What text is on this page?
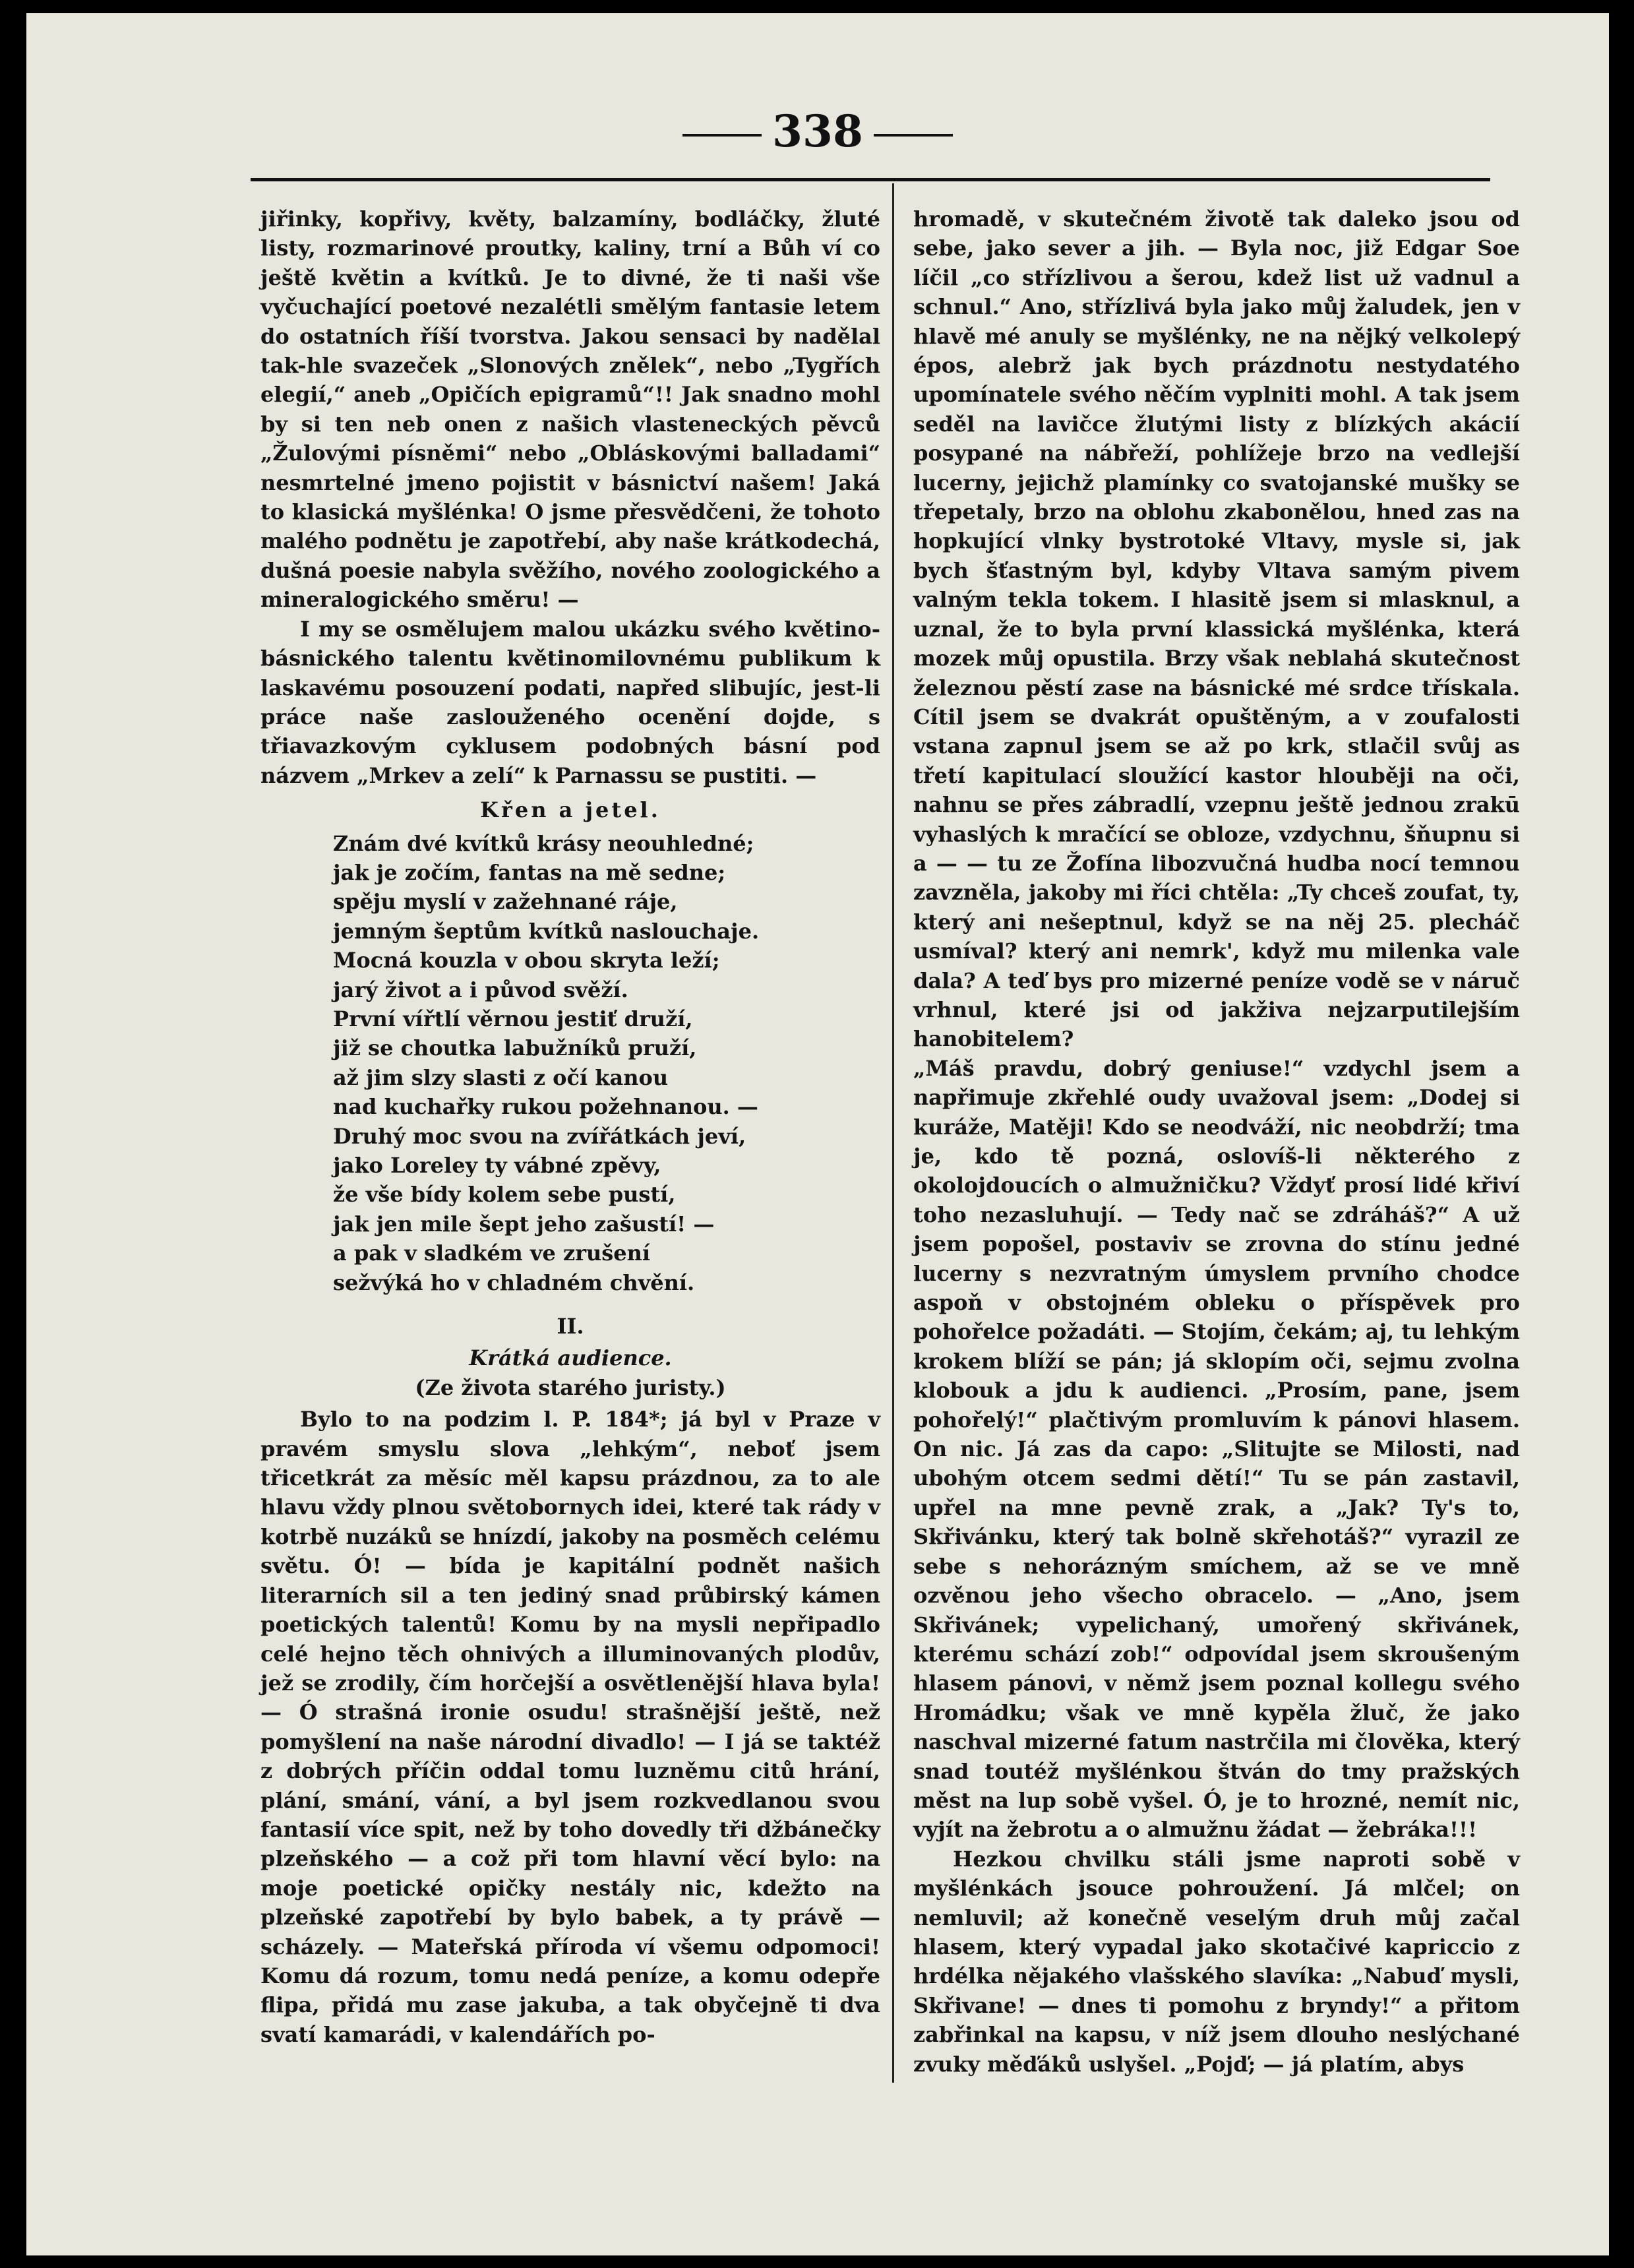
338

jiřinky, kopřivy, květy, balzamíny, bodláčky, žluté listy, rozmarinové proutky, kaliny, trní a Bůh ví co ještě květin a kvítků. Je to divné, že ti naši vše vyčuchající poetové nezalétli smělým fantasie letem do ostatních říší tvorstva. Jakou sensaci by nadělal tak-hle svazeček „Slonových znělek“, nebo „Tygřích elegií,“ aneb „Opičích epigramů“!! Jak snadno mohl by si ten neb onen z našich vlasteneckých pěvců „Žulovými písněmi“ nebo „Obláskovými balladami“ nesmrtelné jmeno pojistit v básnictví našem! Jaká to klasická myšlénka! O jsme přesvědčeni, že tohoto malého podnětu je zapotřebí, aby naše krátkodechá, dušná poesie nabyla svěžího, nového zoologického a mineralogického směru! —

I my se osmělujem malou ukázku svého květino-básnického talentu květinomilovnému publikum k laskavému posouzení podati, napřed slibujíc, jest-li práce naše zaslouženého ocenění dojde, s třiavazkovým cyklusem podobných básní pod názvem „Mrkev a zelí“ k Parnassu se pustiti. —

Křen a jetel.
Znám dvé kvítků krásy neouhledné;
jak je zočím, fantas na mě sedne;
spěju myslí v zažehnané ráje,
jemným šeptům kvítků naslouchaje.
Mocná kouzla v obou skryta leží;
jarý život a i původ svěží.
První vířtlí věrnou jestiť druží,
již se choutka labužníků pruží,
až jim slzy slasti z očí kanou
nad kuchařky rukou požehnanou. —
Druhý moc svou na zvířátkách jeví,
jako Loreley ty vábné zpěvy,
že vše bídy kolem sebe pustí,
jak jen mile šept jeho zašustí! —
a pak v sladkém ve zrušení
sežvýká ho v chladném chvění.
II.
Krátká audience.
(Ze života starého juristy.)

Bylo to na podzim l. P. 184*; já byl v Praze v pravém smyslu slova „lehkým“, neboť jsem třicetkrát za měsíc měl kapsu prázdnou, za to ale hlavu vždy plnou světobornych idei, které tak rády v kotrbě nuzáků se hnízdí, jakoby na posměch celému světu. Ó! — bída je kapitální podnět našich literarních sil a ten jediný snad průbirský kámen poetických talentů! Komu by na mysli nepřipadlo celé hejno těch ohnivých a illuminovaných plodův, jež se zrodily, čím horčejší a osvětlenější hlava byla! — Ó strašná ironie osudu! strašnější ještě, než pomyšlení na naše národní divadlo! — I já se taktéž z dobrých příčin oddal tomu luzněmu citů hrání, plání, smání, vání, a byl jsem rozkvedlanou svou fantasií více spit, než by toho dovedly tři džbánečky plzeňského — a což při tom hlavní věcí bylo: na moje poetické opičky nestály nic, kdežto na plzeňské zapotřebí by bylo babek, a ty právě — scházely. — Mateřská příroda ví všemu odpomoci! Komu dá rozum, tomu nedá peníze, a komu odepře flipa, přidá mu zase jakuba, a tak obyčejně ti dva svatí kamarádi, v kalendářích po-

hromadě, v skutečném životě tak daleko jsou od sebe, jako sever a jih. — Byla noc, již Edgar Soe líčil „co střízlivou a šerou, kdež list už vadnul a schnul.“ Ano, střízlivá byla jako můj žaludek, jen v hlavě mé anuly se myšlénky, ne na nějký velkolepý épos, alebrž jak bych prázdnotu nestydatého upomínatele svého něčím vyplniti mohl. A tak jsem seděl na lavičce žlutými listy z blízkých akácií posypané na nábřeží, pohlížeje brzo na vedlejší lucerny, jejichž plamínky co svatojanské mušky se třepetaly, brzo na oblohu zkabonělou, hned zas na hopkující vlnky bystrotoké Vltavy, mysle si, jak bych šťastným byl, kdyby Vltava samým pivem valným tekla tokem. I hlasitě jsem si mlasknul, a uznal, že to byla první klassická myšlénka, která mozek můj opustila. Brzy však neblahá skutečnost železnou pěstí zase na básnické mé srdce třískala. Cítil jsem se dvakrát opuštěným, a v zoufalosti vstana zapnul jsem se až po krk, stlačil svůj as třetí kapitulací sloužící kastor hlouběji na oči, nahnu se přes zábradlí, vzepnu ještě jednou zrakū vyhaslých k mračící se obloze, vzdychnu, šňupnu si a — — tu ze Žofína libozvučná hudba nocí temnou zavzněla, jakoby mi říci chtěla: „Ty chceš zoufat, ty, který ani nešeptnul, když se na něj 25. plecháč usmíval? který ani nemrk', když mu milenka vale dala? A teď bys pro mizerné peníze vodě se v náruč vrhnul, které jsi od jakživa nejzarputilejším hanobitelem?

„Máš pravdu, dobrý geniuse!“ vzdychl jsem a napřimuje zkřehlé oudy uvažoval jsem: „Dodej si kuráže, Matěji! Kdo se neodváží, nic neobdrží; tma je, kdo tě pozná, oslovíš-li některého z okolojdoucích o almužničku? Vždyť prosí lidé křiví toho nezasluhují. — Tedy nač se zdráháš?“ A už jsem popošel, postaviv se zrovna do stínu jedné lucerny s nezvratným úmyslem prvního chodce aspoň v obstojném obleku o příspěvek pro pohořelce požadáti. — Stojím, čekám; aj, tu lehkým krokem blíží se pán; já sklopím oči, sejmu zvolna klobouk a jdu k audienci. „Prosím, pane, jsem pohořelý!“ plačtivým promluvím k pánovi hlasem. On nic. Já zas da capo: „Slitujte se Milosti, nad ubohým otcem sedmi dětí!“ Tu se pán zastavil, upřel na mne pevně zrak, a „Jak? Ty's to, Skřivánku, který tak bolně skřehotáš?“ vyrazil ze sebe s nehorázným smíchem, až se ve mně ozvěnou jeho všecho obracelo. — „Ano, jsem Skřivánek; vypelichaný, umořený skřivánek, kterému schází zob!“ odpovídal jsem skroušeným hlasem pánovi, v němž jsem poznal kollegu svého Hromádku; však ve mně kypěla žluč, že jako naschval mizerné fatum nastrčila mi člověka, který snad toutéž myšlénkou štván do tmy pražských měst na lup sobě vyšel. Ó, je to hrozné, nemít nic, vyjít na žebrotu a o almužnu žádat — žebráka!!!

Hezkou chvilku stáli jsme naproti sobě v myšlénkách jsouce pohroužení. Já mlčel; on nemluvil; až konečně veselým druh můj začal hlasem, který vypadal jako skotačivé kapriccio z hrdélka nějakého vlašského slavíka: „Nabuď mysli, Skřivane! — dnes ti pomohu z bryndy!“ a přitom zabřinkal na kapsu, v níž jsem dlouho neslýchané zvuky měďáků uslyšel. „Pojď; — já platím, abys
